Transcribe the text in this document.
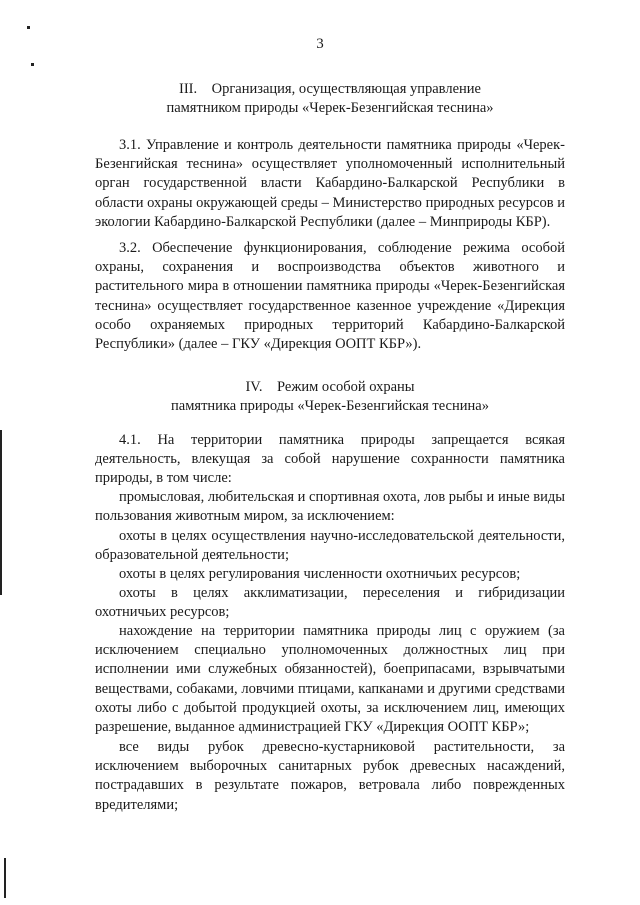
3
III.    Организация, осуществляющая управление
памятником природы «Черек-Безенгийская теснина»
3.1. Управление и контроль деятельности памятника природы «Черек-Безенгийская теснина» осуществляет уполномоченный исполнительный орган государственной власти Кабардино-Балкарской Республики в области охраны окружающей среды – Министерство природных ресурсов и экологии Кабардино-Балкарской Республики (далее – Минприроды КБР).
3.2. Обеспечение функционирования, соблюдение режима особой охраны, сохранения и воспроизводства объектов животного и растительного мира в отношении памятника природы «Черек-Безенгийская теснина» осуществляет государственное казенное учреждение «Дирекция особо охраняемых природных территорий Кабардино-Балкарской Республики» (далее – ГКУ «Дирекция ООПТ КБР»).
IV.    Режим особой охраны
памятника природы «Черек-Безенгийская теснина»
4.1. На территории памятника природы запрещается всякая деятельность, влекущая за собой нарушение сохранности памятника природы, в том числе:
промысловая, любительская и спортивная охота, лов рыбы и иные виды пользования животным миром, за исключением:
охоты в целях осуществления научно-исследовательской деятельности, образовательной деятельности;
охоты в целях регулирования численности охотничьих ресурсов;
охоты в целях акклиматизации, переселения и гибридизации охотничьих ресурсов;
нахождение на территории памятника природы лиц с оружием (за исключением специально уполномоченных должностных лиц при исполнении ими служебных обязанностей), боеприпасами, взрывчатыми веществами, собаками, ловчими птицами, капканами и другими средствами охоты либо с добытой продукцией охоты, за исключением лиц, имеющих разрешение, выданное администрацией ГКУ «Дирекция ООПТ КБР»;
все виды рубок древесно-кустарниковой растительности, за исключением выборочных санитарных рубок древесных насаждений, пострадавших в результате пожаров, ветровала либо поврежденных вредителями;
